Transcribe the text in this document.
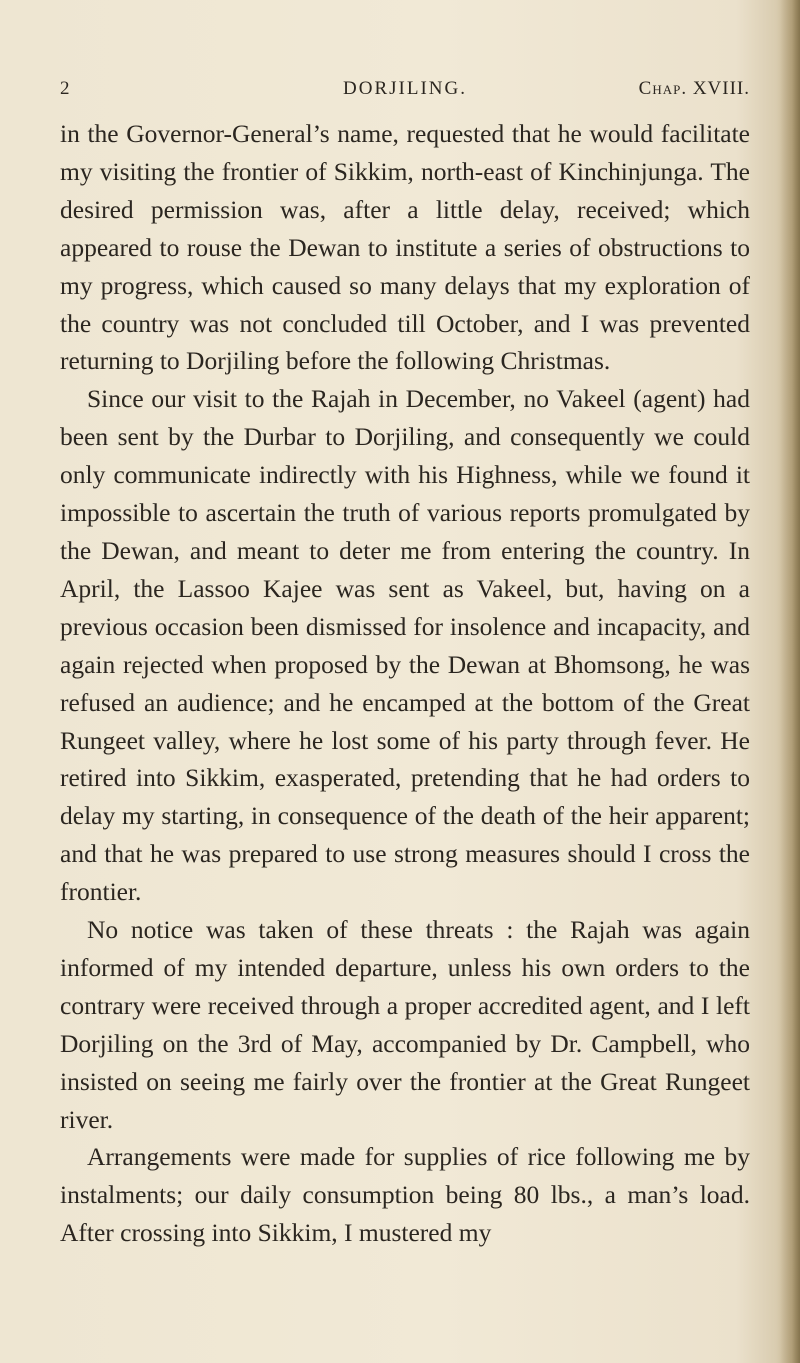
2	DORJILING.	Chap. XVIII.

in the Governor-General’s name, requested that he would facilitate my visiting the frontier of Sikkim, north-east of Kinchinjunga. The desired permission was, after a little delay, received; which appeared to rouse the Dewan to institute a series of obstructions to my progress, which caused so many delays that my exploration of the country was not concluded till October, and I was prevented returning to Dorjiling before the following Christmas.

Since our visit to the Rajah in December, no Vakeel (agent) had been sent by the Durbar to Dorjiling, and consequently we could only communicate indirectly with his Highness, while we found it impossible to ascertain the truth of various reports promulgated by the Dewan, and meant to deter me from entering the country. In April, the Lassoo Kajee was sent as Vakeel, but, having on a previous occasion been dismissed for insolence and incapacity, and again rejected when proposed by the Dewan at Bhomsong, he was refused an audience; and he encamped at the bottom of the Great Rungeet valley, where he lost some of his party through fever. He retired into Sikkim, exasperated, pretending that he had orders to delay my starting, in consequence of the death of the heir apparent; and that he was prepared to use strong measures should I cross the frontier.

No notice was taken of these threats : the Rajah was again informed of my intended departure, unless his own orders to the contrary were received through a proper accredited agent, and I left Dorjiling on the 3rd of May, accompanied by Dr. Campbell, who insisted on seeing me fairly over the frontier at the Great Rungeet river.

Arrangements were made for supplies of rice following me by instalments; our daily consumption being 80 lbs., a man’s load. After crossing into Sikkim, I mustered my
